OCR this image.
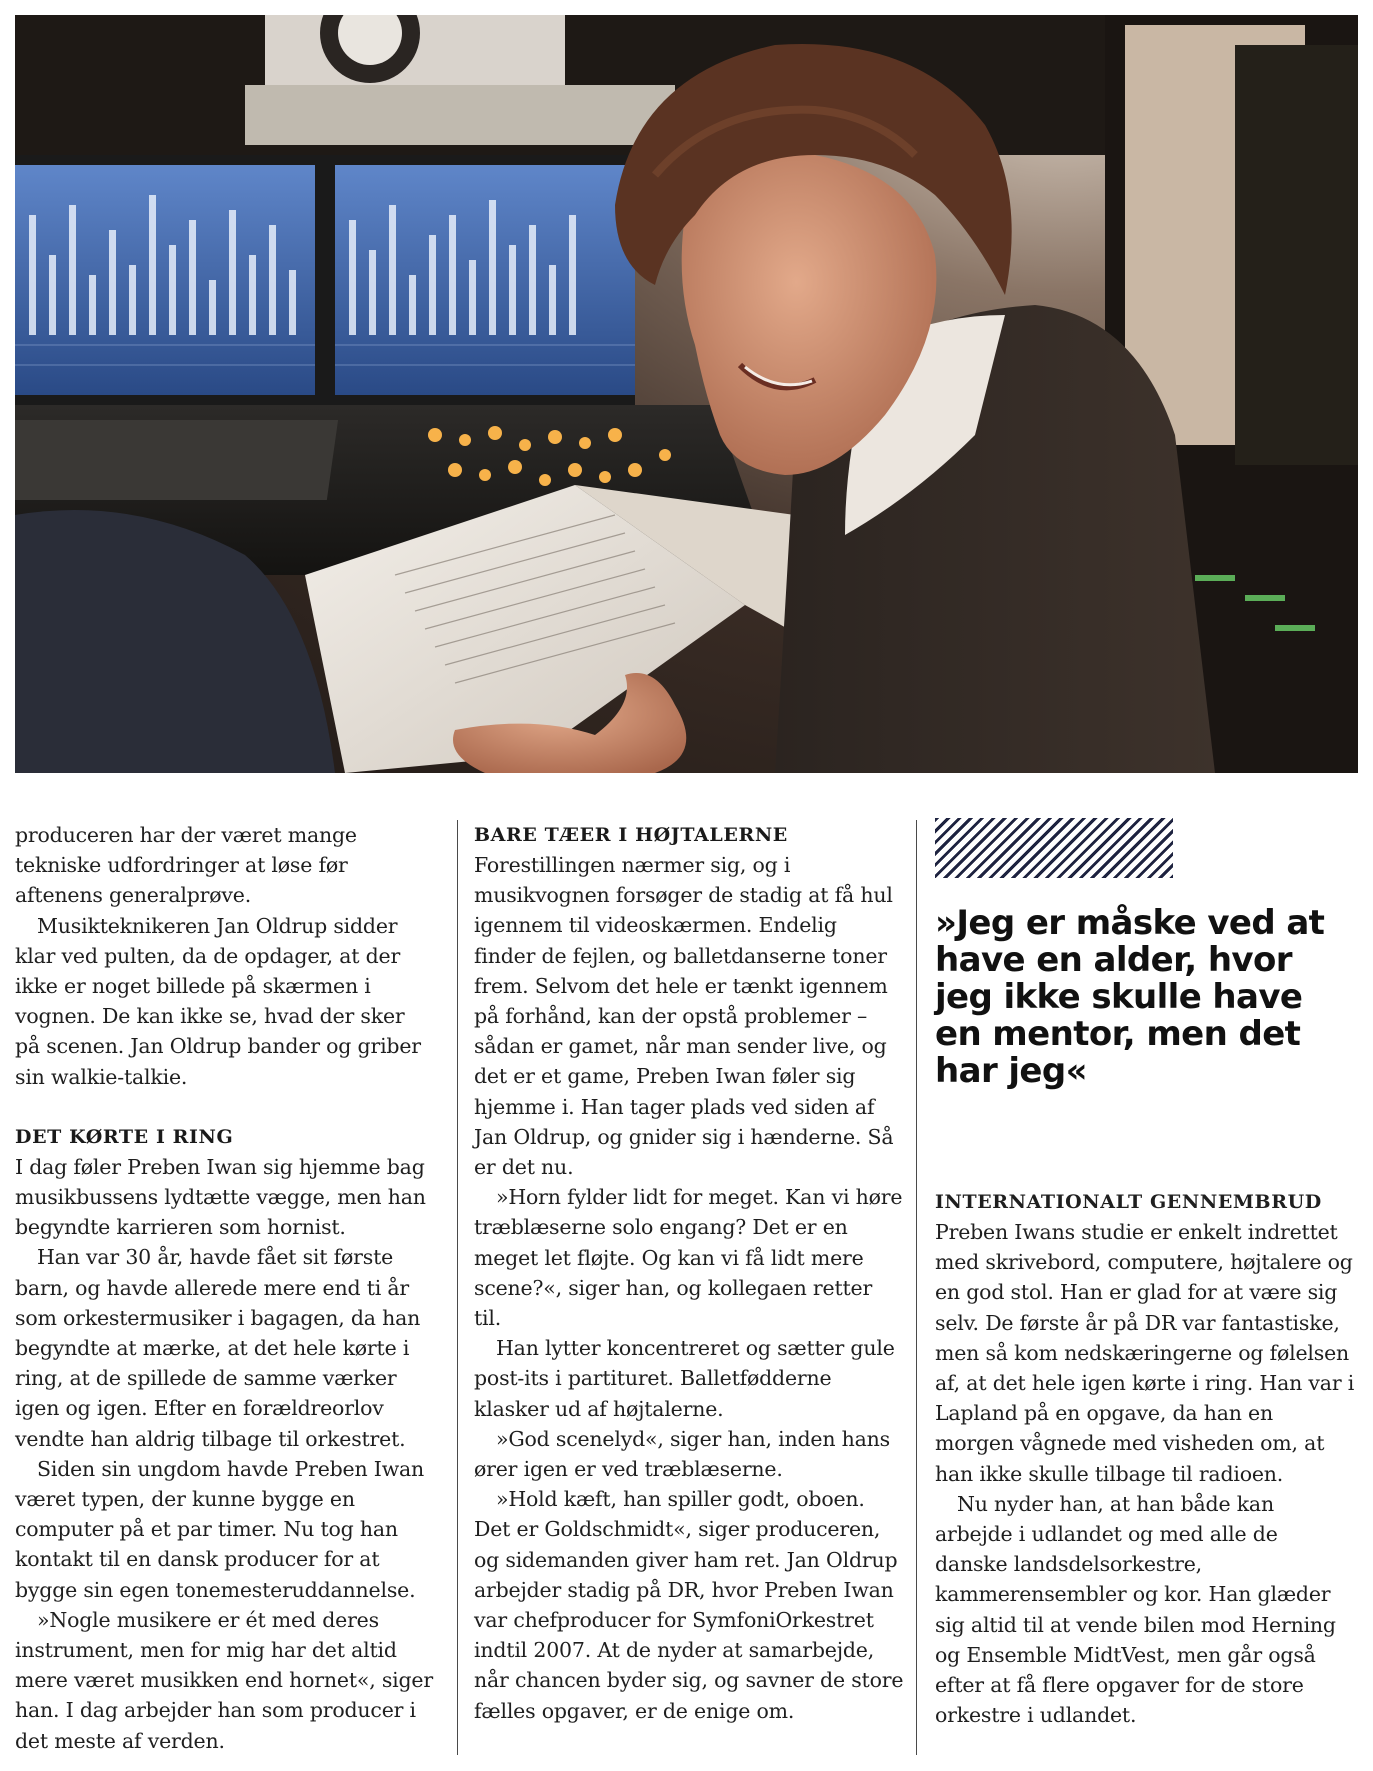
produceren har der været mange tekniske udfordringer at løse før aftenens generalprøve.

Musikteknikeren Jan Oldrup sidder klar ved pulten, da de opdager, at der ikke er noget billede på skærmen i vognen. De kan ikke se, hvad der sker på scenen. Jan Oldrup bander og griber sin walkie-talkie.

DET KØRTE I RING

I dag føler Preben Iwan sig hjemme bag musikbussens lydtætte vægge, men han begyndte karrieren som hornist.

Han var 30 år, havde fået sit første barn, og havde allerede mere end ti år som orkestermusiker i bagagen, da han begyndte at mærke, at det hele kørte i ring, at de spillede de samme værker igen og igen. Efter en forældreorlov vendte han aldrig tilbage til orkestret.

Siden sin ungdom havde Preben Iwan været typen, der kunne bygge en computer på et par timer. Nu tog han kontakt til en dansk producer for at bygge sin egen tonemesteruddannelse.

»Nogle musikere er ét med deres instrument, men for mig har det altid mere været musikken end hornet«, siger han. I dag arbejder han som producer i det meste af verden.

BARE TÆER I HØJTALERNE

Forestillingen nærmer sig, og i musikvognen forsøger de stadig at få hul igennem til videoskærmen. Endelig finder de fejlen, og balletdanserne toner frem. Selvom det hele er tænkt igennem på forhånd, kan der opstå problemer – sådan er gamet, når man sender live, og det er et game, Preben Iwan føler sig hjemme i. Han tager plads ved siden af Jan Oldrup, og gnider sig i hænderne. Så er det nu.

»Horn fylder lidt for meget. Kan vi høre træblæserne solo engang? Det er en meget let fløjte. Og kan vi få lidt mere scene?«, siger han, og kollegaen retter til.

Han lytter koncentreret og sætter gule post-its i partituret. Balletfødderne klasker ud af højtalerne.

»God scenelyd«, siger han, inden hans ører igen er ved træblæserne.

»Hold kæft, han spiller godt, oboen. Det er Goldschmidt«, siger produceren, og sidemanden giver ham ret. Jan Oldrup arbejder stadig på DR, hvor Preben Iwan var chefproducer for SymfoniOrkestret indtil 2007. At de nyder at samarbejde, når chancen byder sig, og savner de store fælles opgaver, er de enige om.

»Jeg er måske ved at have en alder, hvor jeg ikke skulle have en mentor, men det har jeg«
INTERNATIONALT GENNEMBRUD

Preben Iwans studie er enkelt indrettet med skrivebord, computere, højtalere og en god stol. Han er glad for at være sig selv. De første år på DR var fantastiske, men så kom nedskæringerne og følelsen af, at det hele igen kørte i ring. Han var i Lapland på en opgave, da han en morgen vågnede med visheden om, at han ikke skulle tilbage til radioen.

Nu nyder han, at han både kan arbejde i udlandet og med alle de danske landsdelsorkestre, kammerensembler og kor. Han glæder sig altid til at vende bilen mod Herning og Ensemble MidtVest, men går også efter at få flere opgaver for de store orkestre i udlandet.
